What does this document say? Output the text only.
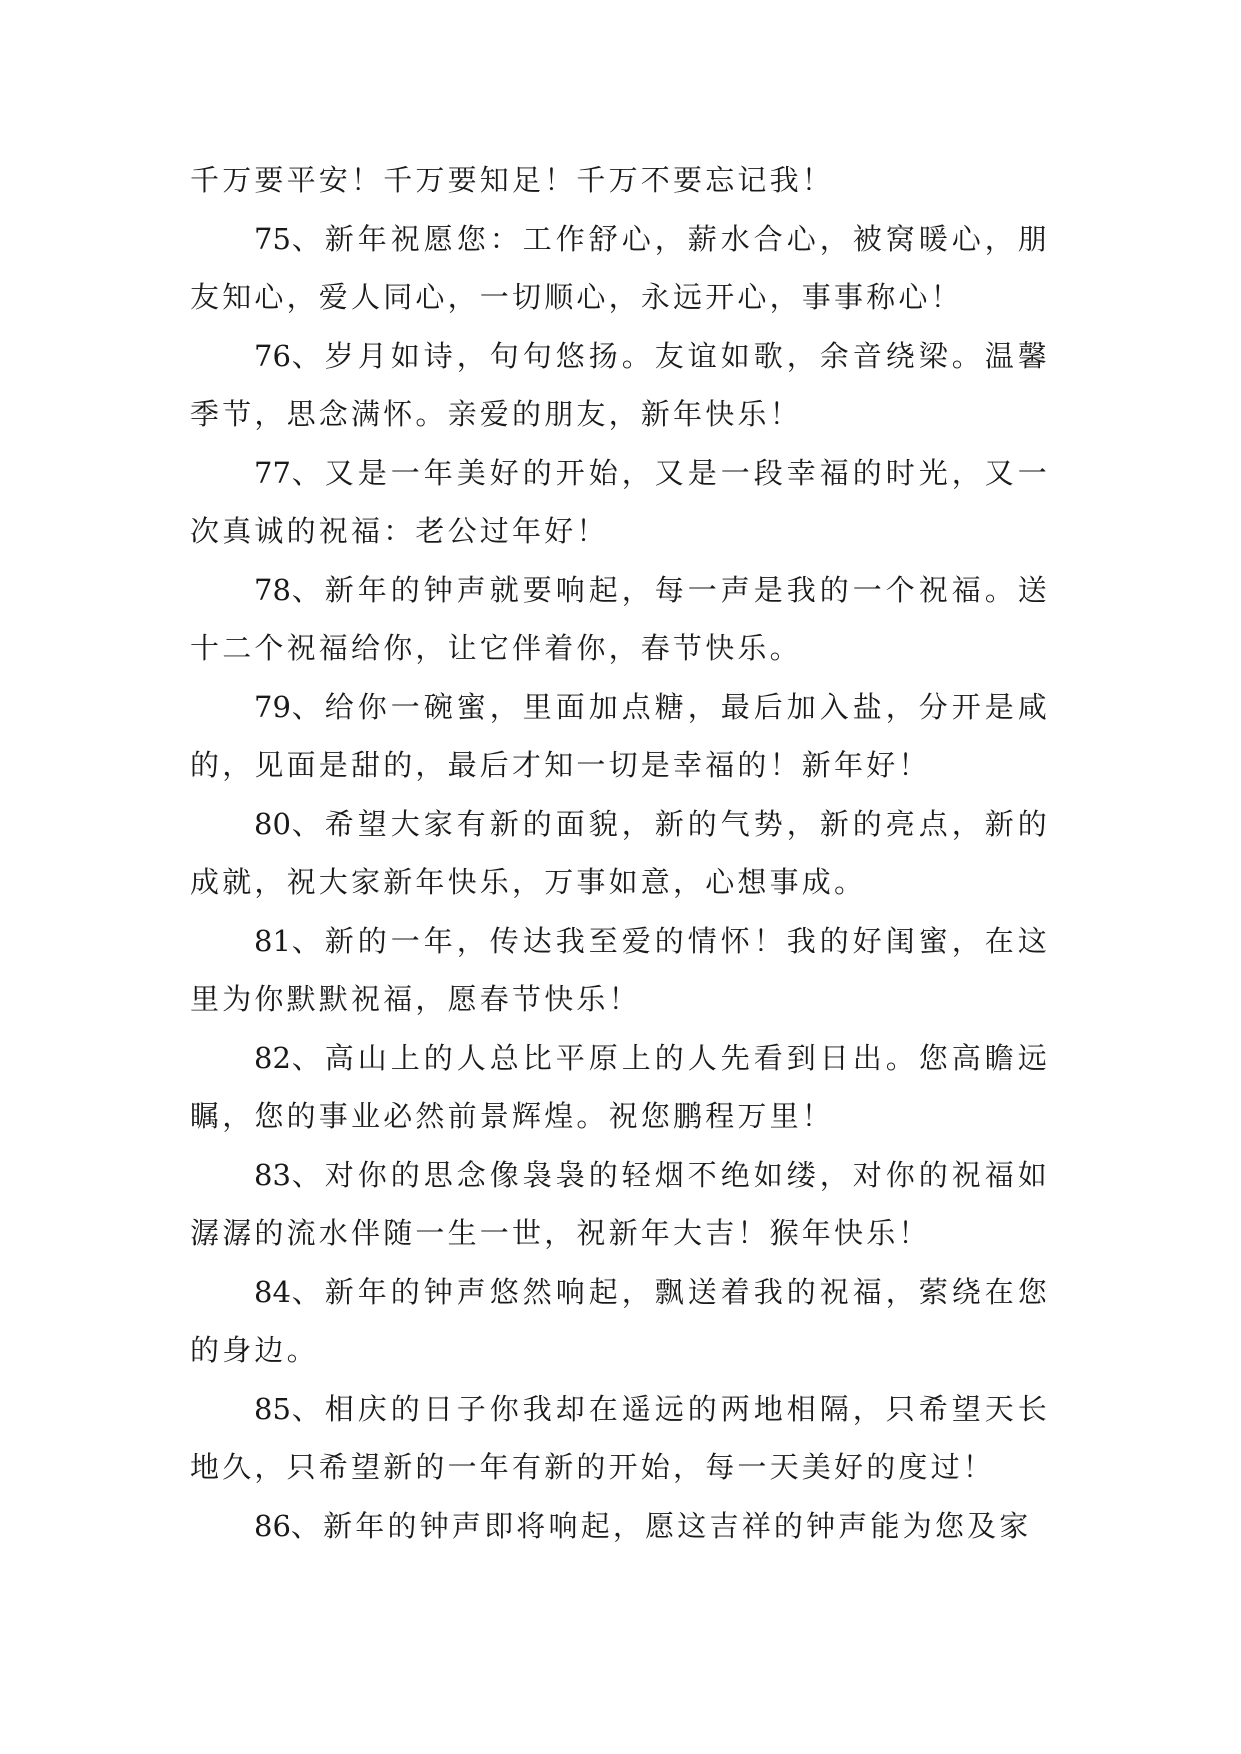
千万要平安！千万要知足！千万不要忘记我！

75、新年祝愿您：工作舒心，薪水合心，被窝暖心，朋友知心，爱人同心，一切顺心，永远开心，事事称心！

76、岁月如诗，句句悠扬。友谊如歌，余音绕梁。温馨季节，思念满怀。亲爱的朋友，新年快乐！

77、又是一年美好的开始，又是一段幸福的时光，又一次真诚的祝福：老公过年好！

78、新年的钟声就要响起，每一声是我的一个祝福。送十二个祝福给你，让它伴着你，春节快乐。

79、给你一碗蜜，里面加点糖，最后加入盐，分开是咸的，见面是甜的，最后才知一切是幸福的！新年好！

80、希望大家有新的面貌，新的气势，新的亮点，新的成就，祝大家新年快乐，万事如意，心想事成。

81、新的一年，传达我至爱的情怀！我的好闺蜜，在这里为你默默祝福，愿春节快乐！

82、高山上的人总比平原上的人先看到日出。您高瞻远瞩，您的事业必然前景辉煌。祝您鹏程万里！

83、对你的思念像袅袅的轻烟不绝如缕，对你的祝福如潺潺的流水伴随一生一世，祝新年大吉！猴年快乐！

84、新年的钟声悠然响起，飘送着我的祝福，萦绕在您的身边。

85、相庆的日子你我却在遥远的两地相隔，只希望天长地久，只希望新的一年有新的开始，每一天美好的度过！

86、新年的钟声即将响起，愿这吉祥的钟声能为您及家
